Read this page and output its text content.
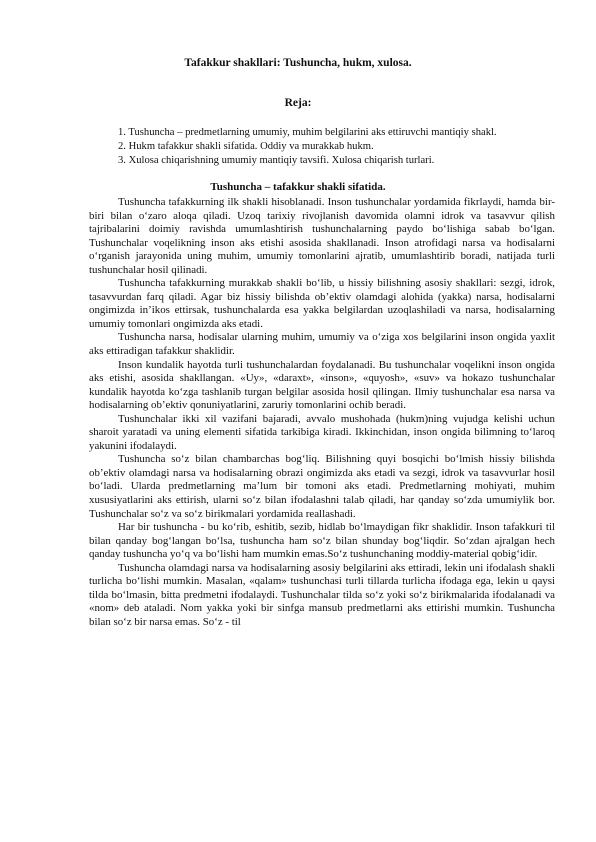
Tafakkur shakllari: Tushuncha, hukm, xulosa.
Reja:
1. Tushuncha – predmetlarning umumiy, muhim belgilarini aks ettiruvchi mantiqiy shakl.
2. Hukm tafakkur shakli sifatida. Oddiy va murakkab hukm.
3. Xulosa chiqarishning umumiy mantiqiy tavsifi. Xulosa chiqarish turlari.
Tushuncha – tafakkur shakli sifatida.

Tushuncha tafakkurning ilk shakli hisoblanadi. Inson tushunchalar yordamida fikrlaydi, hamda bir-biri bilan o‘zaro aloqa qiladi. Uzoq tarixiy rivojlanish davomida olamni idrok va tasavvur qilish tajribalarini doimiy ravishda umumlashtirish tushunchalarning paydo bo‘lishiga sabab bo‘lgan. Tushunchalar voqelikning inson aks etishi asosida shakllanadi. Inson atrofidagi narsa va hodisalarni o‘rganish jarayonida uning muhim, umumiy tomonlarini ajratib, umumlashtirib boradi, natijada turli tushunchalar hosil qilinadi.

Tushuncha tafakkurning murakkab shakli bo‘lib, u hissiy bilishning asosiy shakllari: sezgi, idrok, tasavvurdan farq qiladi. Agar biz hissiy bilishda ob’ektiv olamdagi alohida (yakka) narsa, hodisalarni ongimizda in’ikos ettirsak, tushunchalarda esa yakka belgilardan uzoqlashiladi va narsa, hodisalarning umumiy tomonlari ongimizda aks etadi.

Tushuncha narsa, hodisalar ularning muhim, umumiy va o‘ziga xos belgilarini inson ongida yaxlit aks ettiradigan tafakkur shaklidir.

Inson kundalik hayotda turli tushunchalardan foydalanadi. Bu tushunchalar voqelikni inson ongida aks etishi, asosida shakllangan. «Uy», «daraxt», «inson», «quyosh», «suv» va hokazo tushunchalar kundalik hayotda ko‘zga tashlanib turgan belgilar asosida hosil qilingan. Ilmiy tushunchalar esa narsa va hodisalarning ob’ektiv qonuniyatlarini, zaruriy tomonlarini ochib beradi.

Tushunchalar ikki xil vazifani bajaradi, avvalo mushohada (hukm)ning vujudga kelishi uchun sharoit yaratadi va uning elementi sifatida tarkibiga kiradi. Ikkinchidan, inson ongida bilimning to‘laroq yakunini ifodalaydi.

Tushuncha so‘z bilan chambarchas bog‘liq. Bilishning quyi bosqichi bo‘lmish hissiy bilishda ob’ektiv olamdagi narsa va hodisalarning obrazi ongimizda aks etadi va sezgi, idrok va tasavvurlar hosil bo‘ladi. Ularda predmetlarning ma’lum bir tomoni aks etadi. Predmetlarning mohiyati, muhim xususiyatlarini aks ettirish, ularni so‘z bilan ifodalashni talab qiladi, har qanday so‘zda umumiylik bor. Tushunchalar so‘z va so‘z birikmalari yordamida reallashadi.

Har bir tushuncha - bu ko‘rib, eshitib, sezib, hidlab bo‘lmaydigan fikr shaklidir. Inson tafakkuri til bilan qanday bog‘langan bo‘lsa, tushuncha ham so‘z bilan shunday bog‘liqdir. So‘zdan ajralgan hech qanday tushuncha yo‘q va bo‘lishi ham mumkin emas.So‘z tushunchaning moddiy-material qobig‘idir.

Tushuncha olamdagi narsa va hodisalarning asosiy belgilarini aks ettiradi, lekin uni ifodalash shakli turlicha bo‘lishi mumkin. Masalan, «qalam» tushunchasi turli tillarda turlicha ifodaga ega, lekin u qaysi tilda bo‘lmasin, bitta predmetni ifodalaydi. Tushunchalar tilda so‘z yoki so‘z birikmalarida ifodalanadi va «nom» deb ataladi. Nom yakka yoki bir sinfga mansub predmetlarni aks ettirishi mumkin. Tushuncha bilan so‘z bir narsa emas. So‘z - til
